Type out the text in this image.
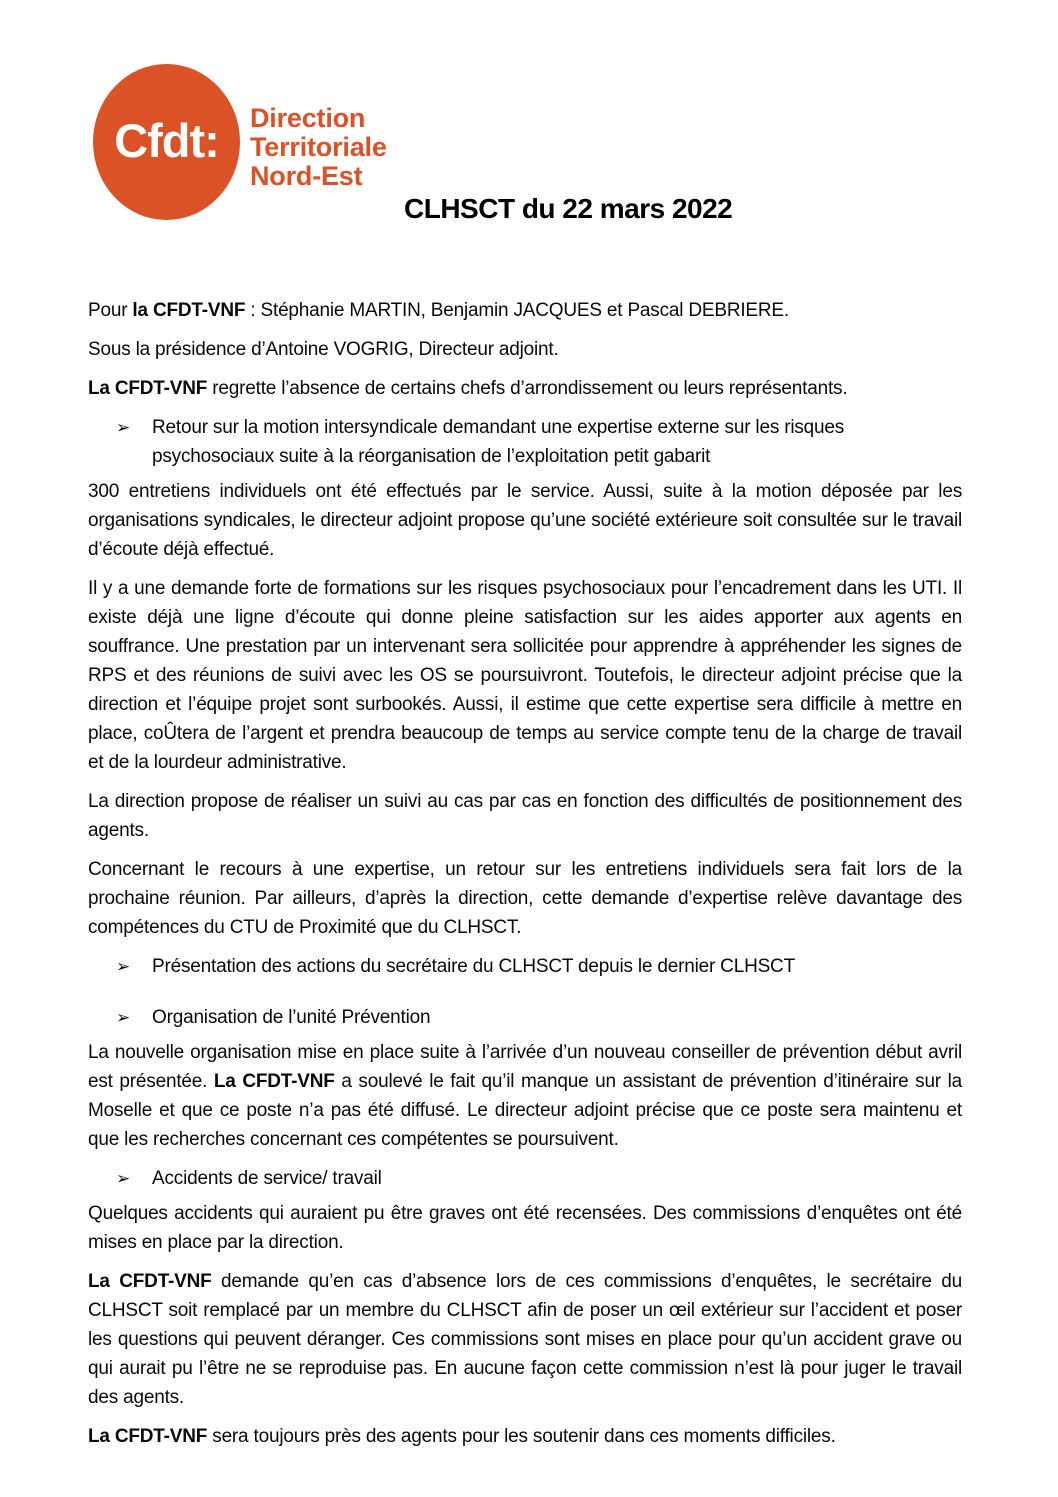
Cfdt: Direction
Territoriale
Nord-Est
CLHSCT du 22 mars 2022
Pour la CFDT-VNF : Stéphanie MARTIN, Benjamin JACQUES et Pascal DEBRIERE.
Sous la présidence d’Antoine VOGRIG, Directeur adjoint.
La CFDT-VNF regrette l’absence de certains chefs d’arrondissement ou leurs représentants.
➢ Retour sur la motion intersyndicale demandant une expertise externe sur les risques psychosociaux suite à la réorganisation de l’exploitation petit gabarit
300 entretiens individuels ont été effectués par le service. Aussi, suite à la motion déposée par les organisations syndicales, le directeur adjoint propose qu’une société extérieure soit consultée sur le travail d’écoute déjà effectué.
Il y a une demande forte de formations sur les risques psychosociaux pour l’encadrement dans les UTI. Il existe déjà une ligne d’écoute qui donne pleine satisfaction sur les aides apporter aux agents en souffrance. Une prestation par un intervenant sera sollicitée pour apprendre à appréhender les signes de RPS et des réunions de suivi avec les OS se poursuivront. Toutefois, le directeur adjoint précise que la direction et l’équipe projet sont surbookés. Aussi, il estime que cette expertise sera difficile à mettre en place, coÛtera de l’argent et prendra beaucoup de temps au service compte tenu de la charge de travail et de la lourdeur administrative.
La direction propose de réaliser un suivi au cas par cas en fonction des difficultés de positionnement des agents.
Concernant le recours à une expertise, un retour sur les entretiens individuels sera fait lors de la prochaine réunion. Par ailleurs, d’après la direction, cette demande d’expertise relève davantage des compétences du CTU de Proximité que du CLHSCT.
➢ Présentation des actions du secrétaire du CLHSCT depuis le dernier CLHSCT
➢ Organisation de l’unité Prévention
La nouvelle organisation mise en place suite à l’arrivée d’un nouveau conseiller de prévention début avril est présentée. La CFDT-VNF a soulevé le fait qu’il manque un assistant de prévention d’itinéraire sur la Moselle et que ce poste n’a pas été diffusé. Le directeur adjoint précise que ce poste sera maintenu et que les recherches concernant ces compétentes se poursuivent.
➢ Accidents de service/ travail
Quelques accidents qui auraient pu être graves ont été recensées. Des commissions d’enquêtes ont été mises en place par la direction.
La CFDT-VNF demande qu’en cas d’absence lors de ces commissions d’enquêtes, le secrétaire du CLHSCT soit remplacé par un membre du CLHSCT afin de poser un œil extérieur sur l’accident et poser les questions qui peuvent déranger. Ces commissions sont mises en place pour qu’un accident grave ou qui aurait pu l’être ne se reproduise pas. En aucune façon cette commission n’est là pour juger le travail des agents.
La CFDT-VNF sera toujours près des agents pour les soutenir dans ces moments difficiles.
